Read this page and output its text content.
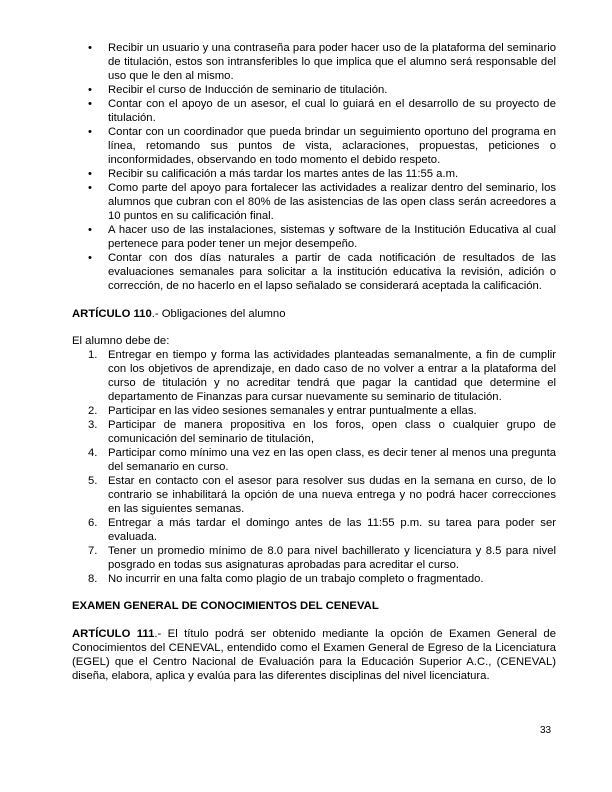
• Recibir un usuario y una contraseña para poder hacer uso de la plataforma del seminario de titulación, estos son intransferibles lo que implica que el alumno será responsable del uso que le den al mismo.
• Recibir el curso de Inducción de seminario de titulación.
• Contar con el apoyo de un asesor, el cual lo guiará en el desarrollo de su proyecto de titulación.
• Contar con un coordinador que pueda brindar un seguimiento oportuno del programa en línea, retomando sus puntos de vista, aclaraciones, propuestas, peticiones o inconformidades, observando en todo momento el debido respeto.
• Recibir su calificación a más tardar los martes antes de las 11:55 a.m.
• Como parte del apoyo para fortalecer las actividades a realizar dentro del seminario, los alumnos que cubran con el 80% de las asistencias de las open class serán acreedores a 10 puntos en su calificación final.
• A hacer uso de las instalaciones, sistemas y software de la Institución Educativa al cual pertenece para poder tener un mejor desempeño.
• Contar con dos días naturales a partir de cada notificación de resultados de las evaluaciones semanales para solicitar a la institución educativa la revisión, adición o corrección, de no hacerlo en el lapso señalado se considerará aceptada la calificación.

ARTÍCULO 110.- Obligaciones del alumno

El alumno debe de:

1. Entregar en tiempo y forma las actividades planteadas semanalmente, a fin de cumplir con los objetivos de aprendizaje, en dado caso de no volver a entrar a la plataforma del curso de titulación y no acreditar tendrá que pagar la cantidad que determine el departamento de Finanzas para cursar nuevamente su seminario de titulación.
2. Participar en las video sesiones semanales y entrar puntualmente a ellas.
3. Participar de manera propositiva en los foros, open class o cualquier grupo de comunicación del seminario de titulación,
4. Participar como mínimo una vez en las open class, es decir tener al menos una pregunta del semanario en curso.
5. Estar en contacto con el asesor para resolver sus dudas en la semana en curso, de lo contrario se inhabilitará la opción de una nueva entrega y no podrá hacer correcciones en las siguientes semanas.
6. Entregar a más tardar el domingo antes de las 11:55 p.m. su tarea para poder ser evaluada.
7. Tener un promedio mínimo de 8.0 para nivel bachillerato y licenciatura y 8.5 para nivel posgrado en todas sus asignaturas aprobadas para acreditar el curso.
8. No incurrir en una falta como plagio de un trabajo completo o fragmentado.

EXAMEN GENERAL DE CONOCIMIENTOS DEL CENEVAL

ARTÍCULO 111.- El título podrá ser obtenido mediante la opción de Examen General de Conocimientos del CENEVAL, entendido como el Examen General de Egreso de la Licenciatura (EGEL) que el Centro Nacional de Evaluación para la Educación Superior A.C., (CENEVAL) diseña, elabora, aplica y evalúa para las diferentes disciplinas del nivel licenciatura.

33
